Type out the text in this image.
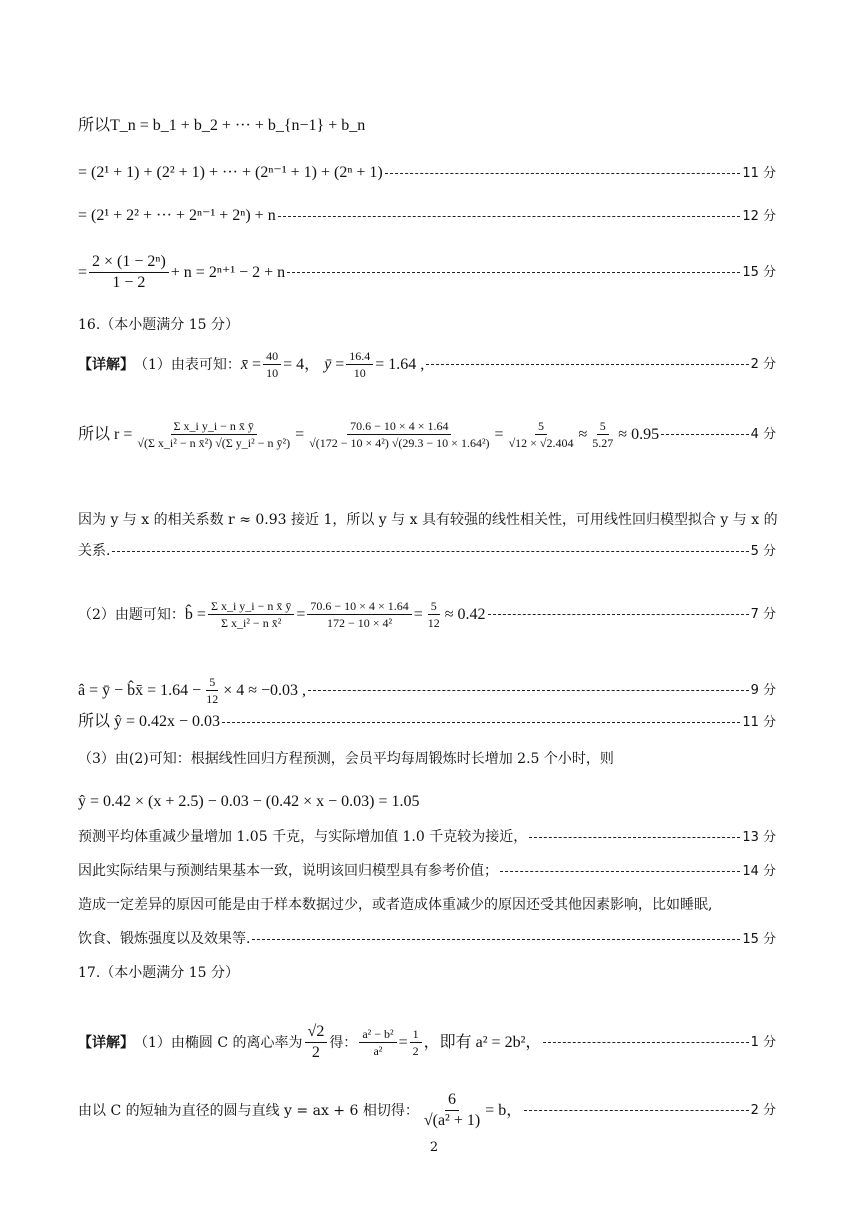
所以T_n = b_1 + b_2 + ··· + b_{n−1} + b_n
= (2¹ + 1) + (2² + 1) + ··· + (2ⁿ⁻¹ + 1) + (2ⁿ + 1)	11 分
= (2¹ + 2² + ··· + 2ⁿ⁻¹ + 2ⁿ) + n	12 分
= $\frac{\text{2 × (1 − 2ⁿ)}}{1 - 2} + n = 2^{n+1} - 2 + n$	15 分
16.（本小题满分 15 分）
【详解】 （1）由表可知： x̄ = $\frac{40}{10} = 4$， ȳ = $\frac{16.4}{10} = 1.64$ ,	2 分
所以 $r = \frac{\text{Σ x\_i y\_i − n x̄ ȳ}}{\text{√(Σ x\_i² − n x̄²) √(Σ y\_i² − n ȳ²)}} = \frac{70.6 - 10 \times 4 \times 1.64}{\text{√(172 − 10 × 4²) √(29.3 − 10 × 1.64²)}} = \frac{5}{√12 \times √2.404} \approx \frac{5}{5.27} \approx 0.95$	4 分
因为 y 与 x 的相关系数 r ≈ 0.93 接近 1，所以 y 与 x 具有较强的线性相关性，可用线性回归模型拟合 y 与 x 的
关系.	5 分
（2）由题可知： b̂ = $\frac{\text{Σ x\_i y\_i − n x̄ ȳ}}{\text{Σ x\_i² − n x̄²}} = \frac{70.6 - 10 \times 4 \times 1.64}{\text{172 − 10 × 4²}} = \frac{5}{12} \approx 0.42$	7 分
â = ȳ − b̂x̄ = $1.64 - \frac{5}{12} \times 4 \approx -0.03$ ,	9 分
所以 ŷ = 0.42x − 0.03	11 分
（3）由(2)可知：根据线性回归方程预测，会员平均每周锻炼时长增加 2.5 个小时，则
ŷ = 0.42 × (x + 2.5) − 0.03 − (0.42 × x − 0.03) = 1.05
预测平均体重减少量增加 1.05 千克，与实际增加值 1.0 千克较为接近，	13 分
因此实际结果与预测结果基本一致，说明该回归模型具有参考价值；	14 分
造成一定差异的原因可能是由于样本数据过少，或者造成体重减少的原因还受其他因素影响，比如睡眠,
饮食、锻炼强度以及效果等.	15 分
17.（本小题满分 15 分）
【详解】 （1）由椭圆 C 的离心率为 $\frac{√2}{2}$ 得： $\frac{\text{a² − b²}}{\text{a²}} = \frac{1}{2}$ ，即有 a² = 2b²，	1 分
由以 C 的短轴为直径的圆与直线 y = ax + 6 相切得： $\frac{6}{\text{√(a² + 1)}} = b$，	2 分
2
